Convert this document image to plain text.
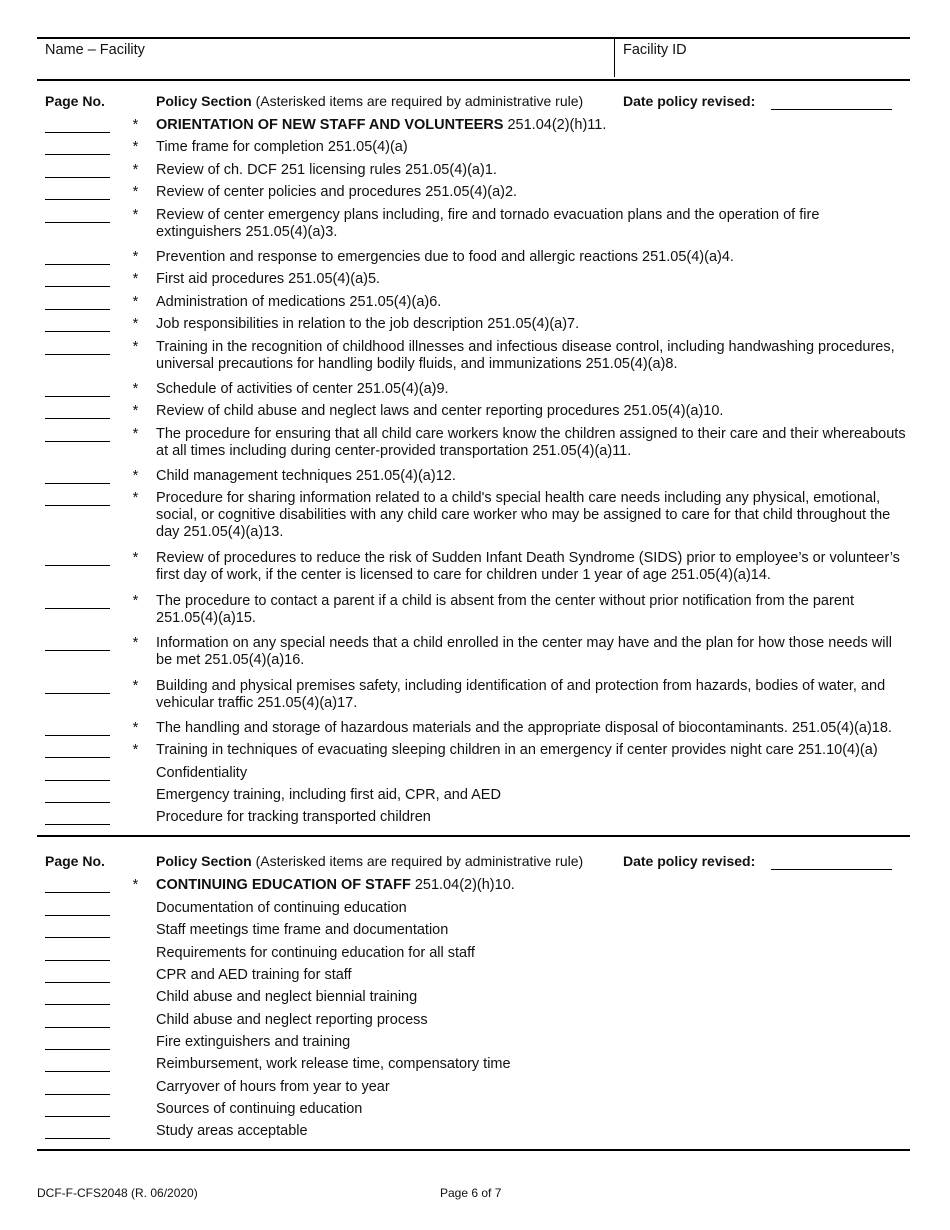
Name – Facility	Facility ID
Page No.	Policy Section (Asterisked items are required by administrative rule)	Date policy revised:
* ORIENTATION OF NEW STAFF AND VOLUNTEERS 251.04(2)(h)11.
* Time frame for completion 251.05(4)(a)
* Review of ch. DCF 251 licensing rules 251.05(4)(a)1.
* Review of center policies and procedures 251.05(4)(a)2.
* Review of center emergency plans including, fire and tornado evacuation plans and the operation of fire extinguishers 251.05(4)(a)3.
* Prevention and response to emergencies due to food and allergic reactions 251.05(4)(a)4.
* First aid procedures 251.05(4)(a)5.
* Administration of medications 251.05(4)(a)6.
* Job responsibilities in relation to the job description 251.05(4)(a)7.
* Training in the recognition of childhood illnesses and infectious disease control, including handwashing procedures, universal precautions for handling bodily fluids, and immunizations 251.05(4)(a)8.
* Schedule of activities of center 251.05(4)(a)9.
* Review of child abuse and neglect laws and center reporting procedures 251.05(4)(a)10.
* The procedure for ensuring that all child care workers know the children assigned to their care and their whereabouts at all times including during center-provided transportation 251.05(4)(a)11.
* Child management techniques 251.05(4)(a)12.
* Procedure for sharing information related to a child's special health care needs including any physical, emotional, social, or cognitive disabilities with any child care worker who may be assigned to care for that child throughout the day 251.05(4)(a)13.
* Review of procedures to reduce the risk of Sudden Infant Death Syndrome (SIDS) prior to employee’s or volunteer’s first day of work, if the center is licensed to care for children under 1 year of age 251.05(4)(a)14.
* The procedure to contact a parent if a child is absent from the center without prior notification from the parent 251.05(4)(a)15.
* Information on any special needs that a child enrolled in the center may have and the plan for how those needs will be met 251.05(4)(a)16.
* Building and physical premises safety, including identification of and protection from hazards, bodies of water, and vehicular traffic 251.05(4)(a)17.
* The handling and storage of hazardous materials and the appropriate disposal of biocontaminants. 251.05(4)(a)18.
* Training in techniques of evacuating sleeping children in an emergency if center provides night care 251.10(4)(a)
Confidentiality
Emergency training, including first aid, CPR, and AED
Procedure for tracking transported children
Page No.	Policy Section (Asterisked items are required by administrative rule)	Date policy revised:
* CONTINUING EDUCATION OF STAFF 251.04(2)(h)10.
Documentation of continuing education
Staff meetings time frame and documentation
Requirements for continuing education for all staff
CPR and AED training for staff
Child abuse and neglect biennial training
Child abuse and neglect reporting process
Fire extinguishers and training
Reimbursement, work release time, compensatory time
Carryover of hours from year to year
Sources of continuing education
Study areas acceptable
DCF-F-CFS2048 (R. 06/2020)	Page 6 of 7
